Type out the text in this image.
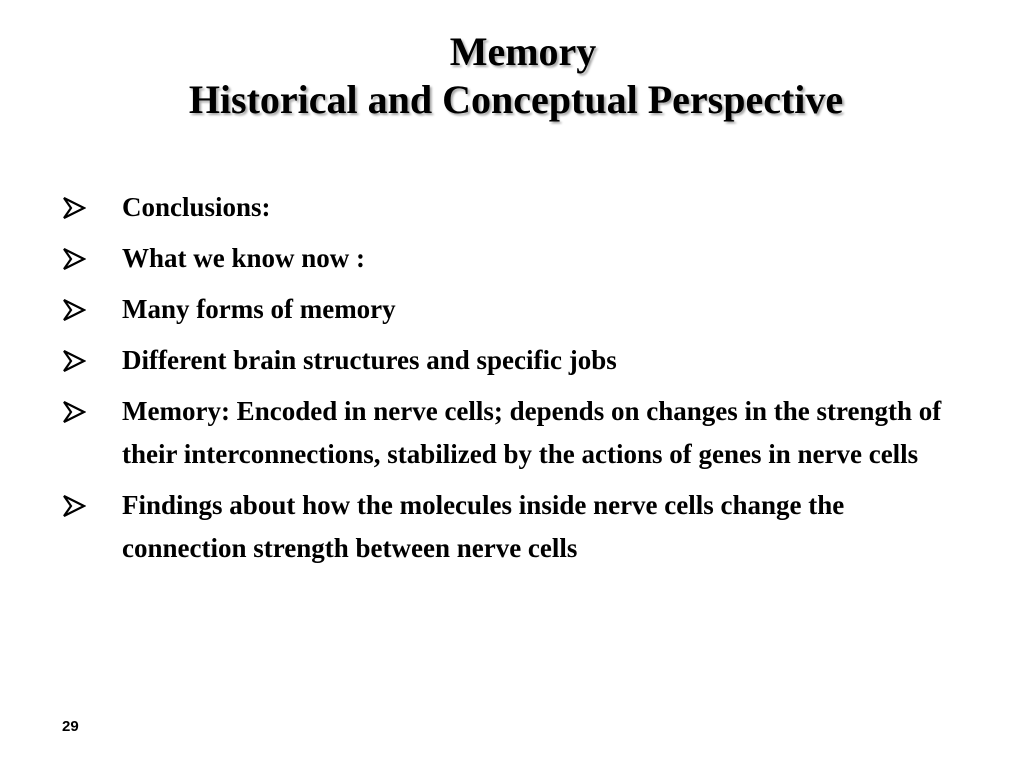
Memory
Historical and Conceptual Perspective
Conclusions:
What we know now :
Many forms of memory
Different brain structures and specific jobs
Memory: Encoded in nerve cells; depends on changes in the strength of their interconnections, stabilized by the actions of genes in nerve cells
Findings about how the molecules inside nerve cells change the connection strength between nerve cells
29
